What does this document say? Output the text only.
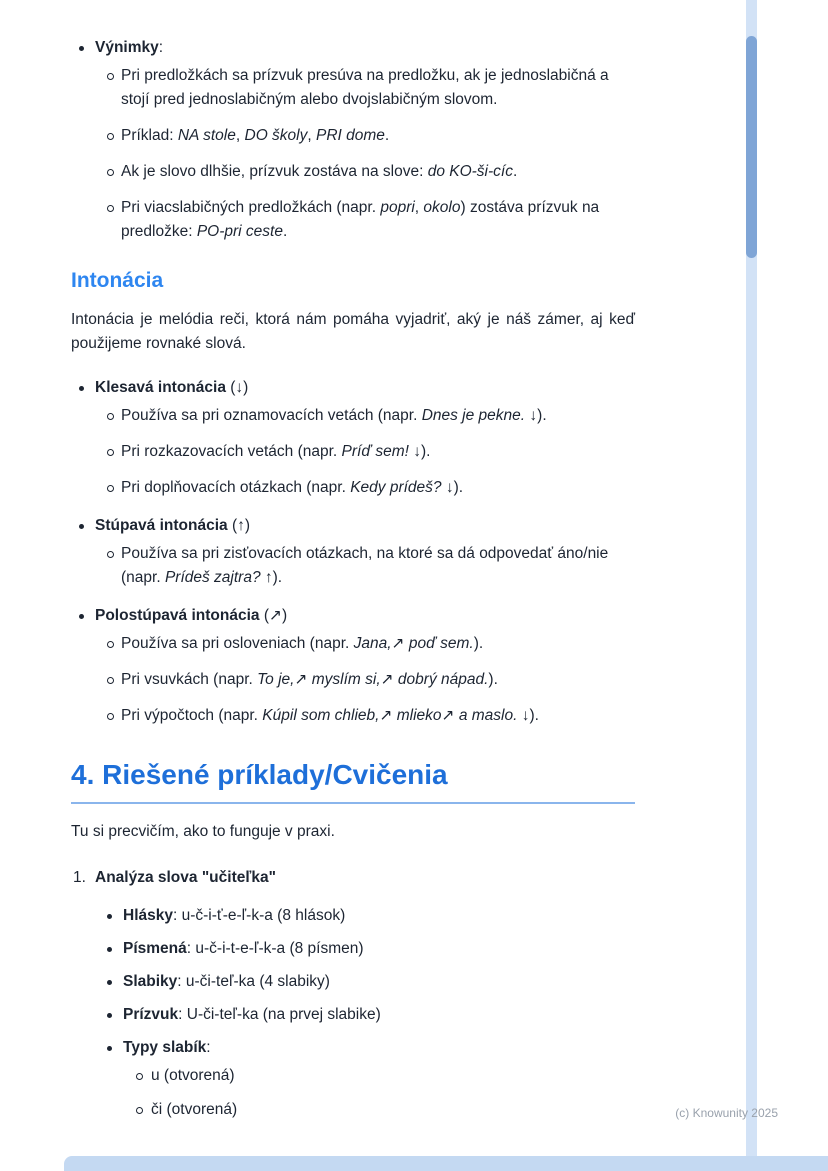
Výnimky:
Pri predložkách sa prízvuk presúva na predložku, ak je jednoslabičná a stojí pred jednoslabičným alebo dvojslabičným slovom.
Príklad: NA stole, DO školy, PRI dome.
Ak je slovo dlhšie, prízvuk zostáva na slove: do KO-ši-cíc.
Pri viacslabičných predložkách (napr. popri, okolo) zostáva prízvuk na predložke: PO-pri ceste.
Intonácia

Intonácia je melódia reči, ktorá nám pomáha vyjadriť, aký je náš zámer, aj keď použijeme rovnaké slová.

Klesavá intonácia (↓)
Používa sa pri oznamovacích vetách (napr. Dnes je pekne. ↓).
Pri rozkazovacích vetách (napr. Príď sem! ↓).
Pri doplňovacích otázkach (napr. Kedy prídeš? ↓).
Stúpavá intonácia (↑)
Používa sa pri zisťovacích otázkach, na ktoré sa dá odpovedať áno/nie (napr. Prídeš zajtra? ↑).
Polostúpavá intonácia (↗)
Používa sa pri osloveniach (napr. Jana,↗ poď sem.).
Pri vsuvkách (napr. To je,↗ myslím si,↗ dobrý nápad.).
Pri výpočtoch (napr. Kúpil som chlieb,↗ mlieko↗ a maslo. ↓).
4. Riešené príklady/Cvičenia

Tu si precvičím, ako to funguje v praxi.

1. Analýza slova "učiteľka"
Hlásky: u-č-i-ť-e-ľ-k-a (8 hlások)
Písmená: u-č-i-t-e-ľ-k-a (8 písmen)
Slabiky: u-či-teľ-ka (4 slabiky)
Prízvuk: U-či-teľ-ka (na prvej slabike)
Typy slabík:
u (otvorená)
či (otvorená)	(c) Knowunity 2025
